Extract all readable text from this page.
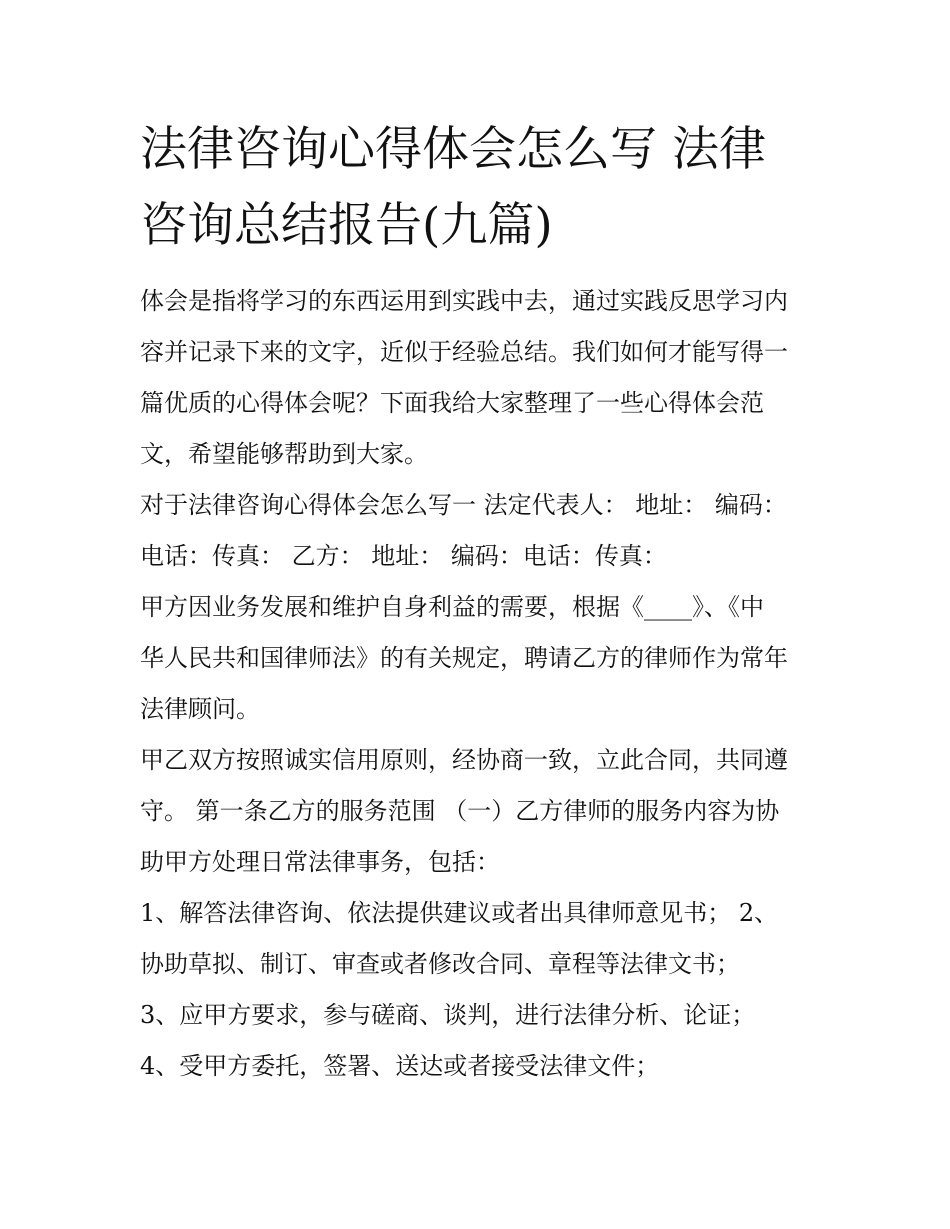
法律咨询心得体会怎么写 法律
咨询总结报告(九篇)

体会是指将学习的东西运用到实践中去，通过实践反思学习内
容并记录下来的文字，近似于经验总结。我们如何才能写得一
篇优质的心得体会呢？下面我给大家整理了一些心得体会范
文，希望能够帮助到大家。

对于法律咨询心得体会怎么写一 法定代表人： 地址： 编码：
电话：传真： 乙方： 地址： 编码：电话：传真：

甲方因业务发展和维护自身利益的需要，根据《____》、《中
华人民共和国律师法》的有关规定，聘请乙方的律师作为常年
法律顾问。

甲乙双方按照诚实信用原则，经协商一致，立此合同，共同遵
守。 第一条乙方的服务范围 （一）乙方律师的服务内容为协
助甲方处理日常法律事务，包括：

1、解答法律咨询、依法提供建议或者出具律师意见书； 2、
协助草拟、制订、审查或者修改合同、章程等法律文书；

3、应甲方要求，参与磋商、谈判，进行法律分析、论证；

4、受甲方委托，签署、送达或者接受法律文件；
